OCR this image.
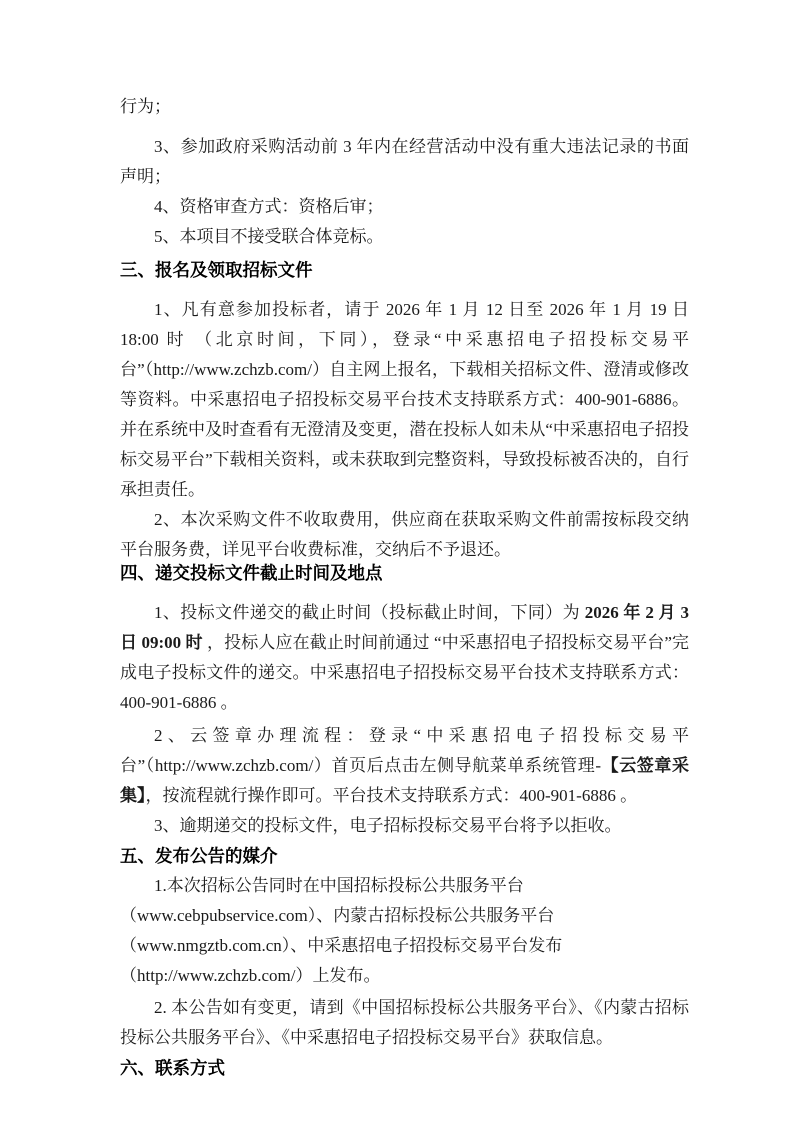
行为；

3、参加政府采购活动前 3 年内在经营活动中没有重大违法记录的书面声明；

4、资格审查方式：资格后审；

5、本项目不接受联合体竞标。

三、报名及领取招标文件

1、凡有意参加投标者，请于 2026 年 1 月 12 日至 2026 年 1 月 19 日 18:00 时 （北京时间，下同），登录“中采惠招电子招投标交易平台”（http://www.zchzb.com/）自主网上报名，下载相关招标文件、澄清或修改等资料。中采惠招电子招投标交易平台技术支持联系方式：400-901-6886。并在系统中及时查看有无澄清及变更，潜在投标人如未从“中采惠招电子招投标交易平台”下载相关资料，或未获取到完整资料，导致投标被否决的，自行承担责任。

2、本次采购文件不收取费用，供应商在获取采购文件前需按标段交纳平台服务费，详见平台收费标准，交纳后不予退还。

四、递交投标文件截止时间及地点

1、投标文件递交的截止时间（投标截止时间，下同）为 2026 年 2 月 3 日 09:00 时 ，投标人应在截止时间前通过 “中采惠招电子招投标交易平台”完成电子投标文件的递交。中采惠招电子招投标交易平台技术支持联系方式：400-901-6886 。

2、云签章办理流程：登录“中采惠招电子招投标交易平台”（http://www.zchzb.com/）首页后点击左侧导航菜单系统管理-【云签章采集】，按流程就行操作即可。平台技术支持联系方式：400-901-6886 。

3、逾期递交的投标文件，电子招标投标交易平台将予以拒收。

五、发布公告的媒介
1.本次招标公告同时在中国招标投标公共服务平台
（www.cebpubservice.com）、内蒙古招标投标公共服务平台
（www.nmgztb.com.cn）、中采惠招电子招投标交易平台发布
（http://www.zchzb.com/）上发布。

2. 本公告如有变更，请到《中国招标投标公共服务平台》、《内蒙古招标投标公共服务平台》、《中采惠招电子招投标交易平台》获取信息。

六、联系方式
